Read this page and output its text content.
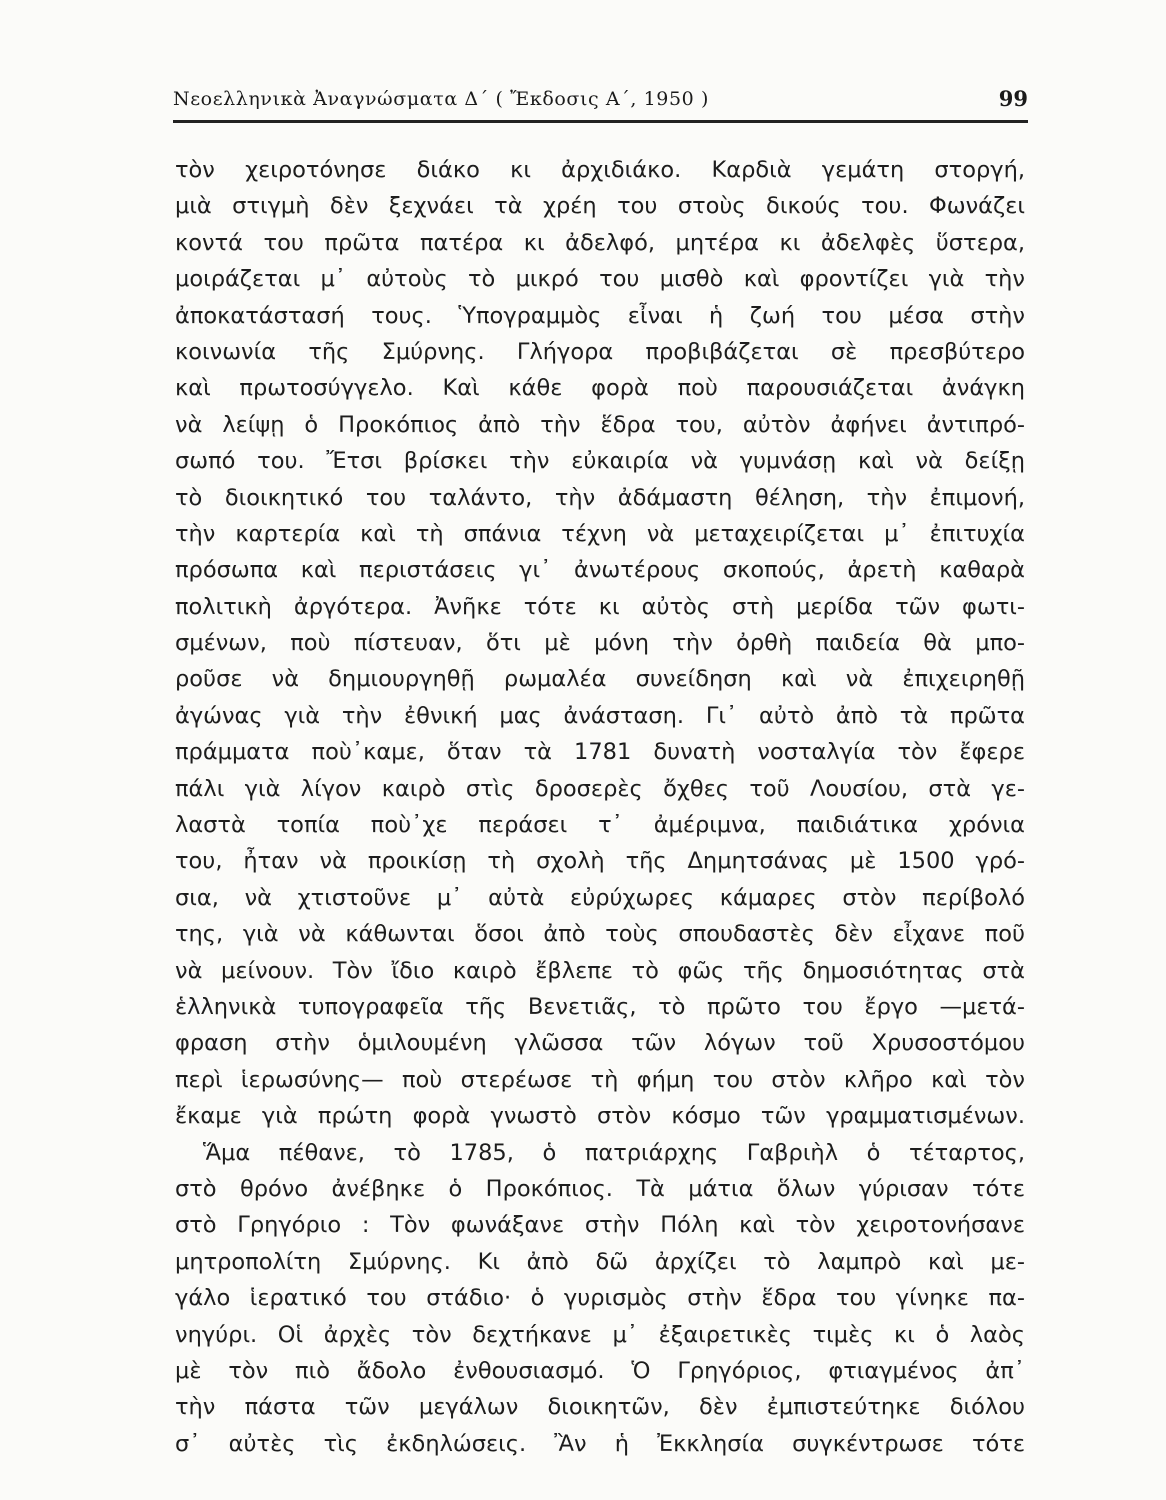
Νεοελληνικὰ Ἀναγνώσματα Δ΄ ( Ἔκδοσις Α΄, 1950 )	99
τὸν χειροτόνησε διάκο κι ἀρχιδιάκο. Καρδιὰ γεμάτη στοργή,
μιὰ στιγμὴ δὲν ξεχνάει τὰ χρέη του στοὺς δικούς του. Φωνάζει
κοντά του πρῶτα πατέρα κι ἀδελφό, μητέρα κι ἀδελφὲς ὕστερα,
μοιράζεται μ᾿ αὐτοὺς τὸ μικρό του μισθὸ καὶ φροντίζει γιὰ τὴν
ἀποκατάστασή τους. Ὑπογραμμὸς εἶναι ἡ ζωή του μέσα στὴν
κοινωνία τῆς Σμύρνης. Γλήγορα προβιβάζεται σὲ πρεσβύτερο
καὶ πρωτοσύγγελο. Καὶ κάθε φορὰ ποὺ παρουσιάζεται ἀνάγκη
νὰ λείψῃ ὁ Προκόπιος ἀπὸ τὴν ἕδρα του, αὐτὸν ἀφήνει ἀντιπρό-
σωπό του. Ἔτσι βρίσκει τὴν εὐκαιρία νὰ γυμνάσῃ καὶ νὰ δείξῃ
τὸ διοικητικό του ταλάντο, τὴν ἀδάμαστη θέληση, τὴν ἐπιμονή,
τὴν καρτερία καὶ τὴ σπάνια τέχνη νὰ μεταχειρίζεται μ᾿ ἐπιτυχία
πρόσωπα καὶ περιστάσεις γι᾿ ἀνωτέρους σκοπούς, ἀρετὴ καθαρὰ
πολιτικὴ ἀργότερα. Ἀνῆκε τότε κι αὐτὸς στὴ μερίδα τῶν φωτι-
σμένων, ποὺ πίστευαν, ὅτι μὲ μόνη τὴν ὀρθὴ παιδεία θὰ μπο-
ροῦσε νὰ δημιουργηθῇ ρωμαλέα συνείδηση καὶ νὰ ἐπιχειρηθῇ
ἀγώνας γιὰ τὴν ἐθνική μας ἀνάσταση. Γι᾿ αὐτὸ ἀπὸ τὰ πρῶτα
πράμματα ποὺ᾿καμε, ὅταν τὰ 1781 δυνατὴ νοσταλγία τὸν ἔφερε
πάλι γιὰ λίγον καιρὸ στὶς δροσερὲς ὄχθες τοῦ Λουσίου, στὰ γε-
λαστὰ τοπία ποὺ᾿χε περάσει τ᾿ ἀμέριμνα, παιδιάτικα χρόνια
του, ἦταν νὰ προικίσῃ τὴ σχολὴ τῆς Δημητσάνας μὲ 1500 γρό-
σια, νὰ χτιστοῦνε μ᾿ αὐτὰ εὐρύχωρες κάμαρες στὸν περίβολό
της, γιὰ νὰ κάθωνται ὅσοι ἀπὸ τοὺς σπουδαστὲς δὲν εἶχανε ποῦ
νὰ μείνουν. Τὸν ἴδιο καιρὸ ἔβλεπε τὸ φῶς τῆς δημοσιότητας στὰ
ἑλληνικὰ τυπογραφεῖα τῆς Βενετιᾶς, τὸ πρῶτο του ἔργο —μετά-
φραση στὴν ὁμιλουμένη γλῶσσα τῶν λόγων τοῦ Χρυσοστόμου
περὶ ἱερωσύνης— ποὺ στερέωσε τὴ φήμη του στὸν κλῆρο καὶ τὸν
ἔκαμε γιὰ πρώτη φορὰ γνωστὸ στὸν κόσμο τῶν γραμματισμένων.
Ἅμα πέθανε, τὸ 1785, ὁ πατριάρχης Γαβριὴλ ὁ τέταρτος,
στὸ θρόνο ἀνέβηκε ὁ Προκόπιος. Τὰ μάτια ὅλων γύρισαν τότε
στὸ Γρηγόριο : Τὸν φωνάξανε στὴν Πόλη καὶ τὸν χειροτονήσανε
μητροπολίτη Σμύρνης. Κι ἀπὸ δῶ ἀρχίζει τὸ λαμπρὸ καὶ με-
γάλο ἱερατικό του στάδιο· ὁ γυρισμὸς στὴν ἕδρα του γίνηκε πα-
νηγύρι. Οἱ ἀρχὲς τὸν δεχτήκανε μ᾿ ἐξαιρετικὲς τιμὲς κι ὁ λαὸς
μὲ τὸν πιὸ ἄδολο ἐνθουσιασμό. Ὁ Γρηγόριος, φτιαγμένος ἀπ᾿
τὴν πάστα τῶν μεγάλων διοικητῶν, δὲν ἐμπιστεύτηκε διόλου
σ᾿ αὐτὲς τὶς ἐκδηλώσεις. Ἂν ἡ Ἐκκλησία συγκέντρωσε τότε
